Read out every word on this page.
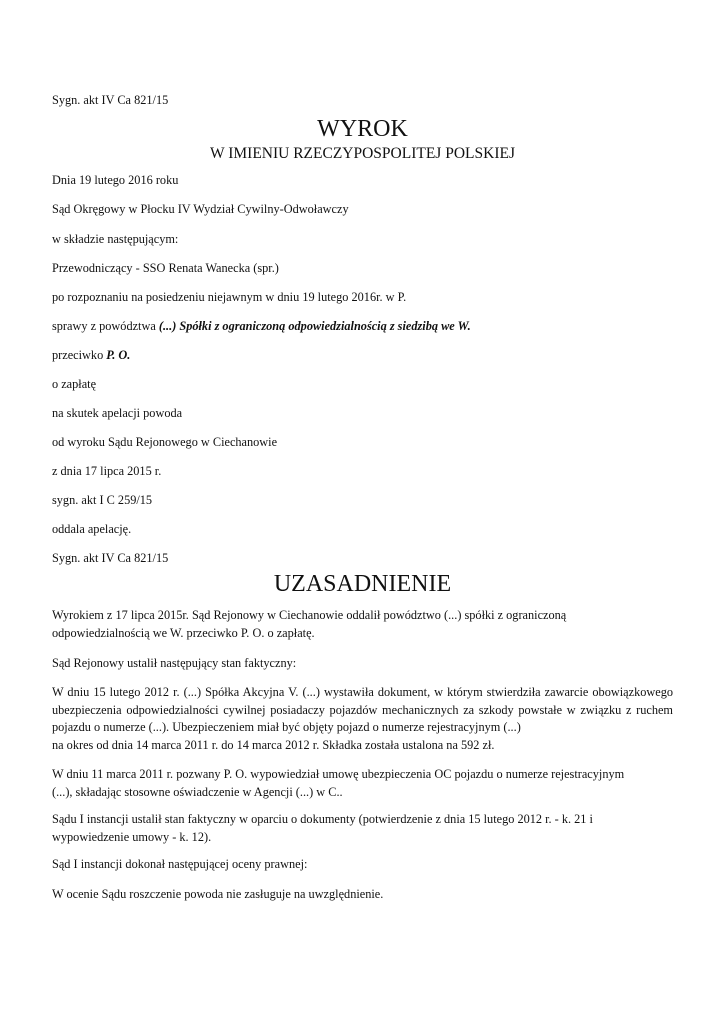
Sygn. akt IV Ca 821/15
WYROK
W IMIENIU RZECZYPOSPOLITEJ POLSKIEJ
Dnia 19 lutego 2016 roku
Sąd Okręgowy w Płocku IV Wydział Cywilny-Odwoławczy
w składzie następującym:
Przewodniczący - SSO Renata Wanecka (spr.)
po rozpoznaniu na posiedzeniu niejawnym w dniu 19 lutego 2016r. w P.
sprawy z powództwa (...) Spółki z ograniczoną odpowiedzialnością z siedzibą we W.
przeciwko P. O.
o zapłatę
na skutek apelacji powoda
od wyroku Sądu Rejonowego w Ciechanowie
z dnia 17 lipca 2015 r.
sygn. akt I C 259/15
oddala apelację.
Sygn. akt IV Ca 821/15
UZASADNIENIE
Wyrokiem z 17 lipca 2015r. Sąd Rejonowy w Ciechanowie oddalił powództwo (...) spółki z ograniczoną
odpowiedzialnością we W. przeciwko P. O. o zapłatę.
Sąd Rejonowy ustalił następujący stan faktyczny:
W dniu 15 lutego 2012 r. (...) Spółka Akcyjna V. (...) wystawiła dokument, w którym stwierdziła zawarcie obowiązkowego ubezpieczenia odpowiedzialności cywilnej posiadaczy pojazdów mechanicznych za szkody powstałe w związku z ruchem pojazdu o numerze (...). Ubezpieczeniem miał być objęty pojazd o numerze rejestracyjnym (...)
na okres od dnia 14 marca 2011 r. do 14 marca 2012 r. Składka została ustalona na 592 zł.
W dniu 11 marca 2011 r. pozwany P. O. wypowiedział umowę ubezpieczenia OC pojazdu o numerze rejestracyjnym
(...), składając stosowne oświadczenie w Agencji (...) w C..
Sądu I instancji ustalił stan faktyczny w oparciu o dokumenty (potwierdzenie z dnia 15 lutego 2012 r. - k. 21 i
wypowiedzenie umowy - k. 12).
Sąd I instancji dokonał następującej oceny prawnej:
W ocenie Sądu roszczenie powoda nie zasługuje na uwzględnienie.
